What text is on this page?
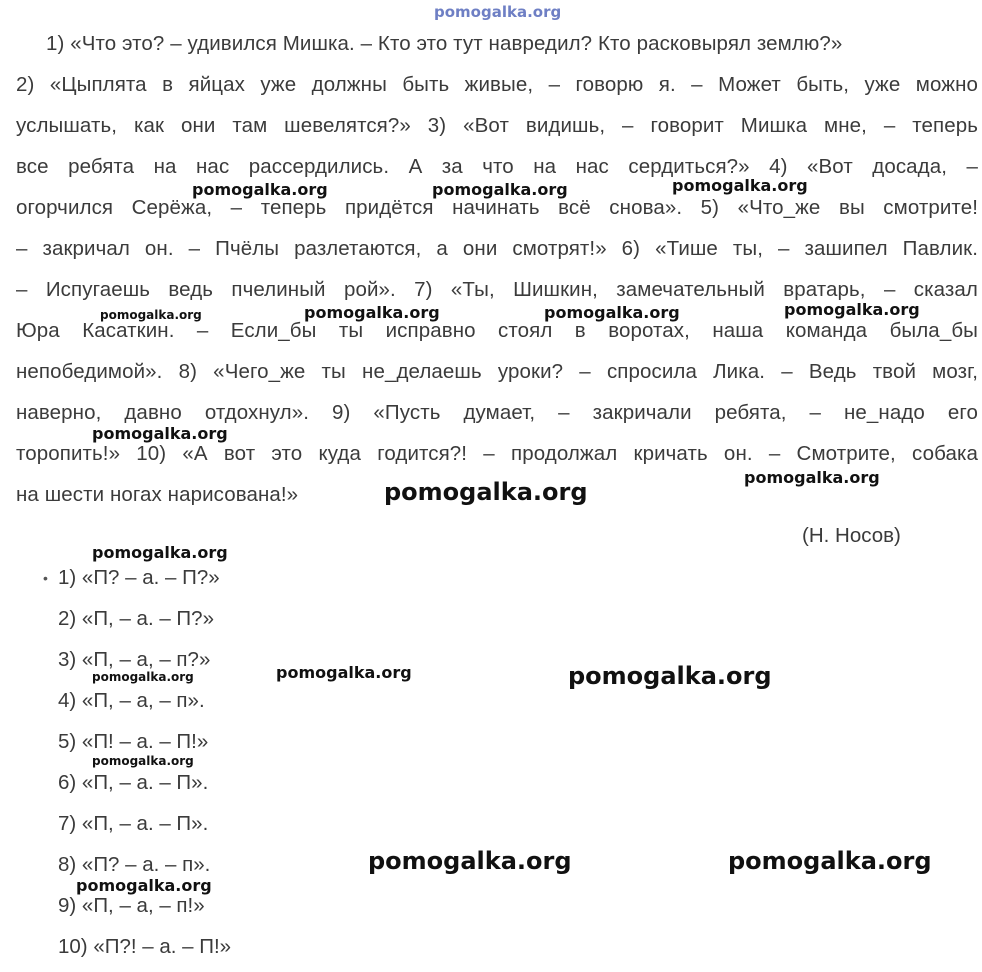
pomogalka.org
1) «Что это? – удивился Мишка. – Кто это тут навредил? Кто расковырял землю?»
2) «Цыплята в яйцах уже должны быть живые, – говорю я. – Может быть, уже можно
услышать, как они там шевелятся?» 3) «Вот видишь, – говорит Мишка мне, – теперь
все ребята на нас рассердились. А за что на нас сердиться?» 4) «Вот досада, –
огорчился Серёжа, – теперь придётся начинать всё снова». 5) «Что_же вы смотрите!
– закричал он. – Пчёлы разлетаются, а они смотрят!» 6) «Тише ты, – зашипел Павлик.
– Испугаешь ведь пчелиный рой». 7) «Ты, Шишкин, замечательный вратарь, – сказал
Юра Касаткин. – Если_бы ты исправно стоял в воротах, наша команда была_бы
непобедимой». 8) «Чего_же ты не_делаешь уроки? – спросила Лика. – Ведь твой мозг,
наверно, давно отдохнул». 9) «Пусть думает, – закричали ребята, – не_надо его
торопить!» 10) «А вот это куда годится?! – продолжал кричать он. – Смотрите, собака
на шести ногах нарисована!»
(Н. Носов)
• 1) «П? – а. – П?»
2) «П, – а. – П?»
3) «П, – а, – п?»
4) «П, – а, – п».
5) «П! – а. – П!»
6) «П, – а. – П».
7) «П, – а. – П».
8) «П? – а. – п».
9) «П, – а, – п!»
10) «П?! – а. – П!»
pomogalka.org	pomogalka.org	pomogalka.org
pomogalka.org	pomogalka.org	pomogalka.org	pomogalka.org
pomogalka.org
pomogalka.org
pomogalka.org
pomogalka.org
pomogalka.org	pomogalka.org	pomogalka.org
pomogalka.org
pomogalka.org	pomogalka.org
pomogalka.org
